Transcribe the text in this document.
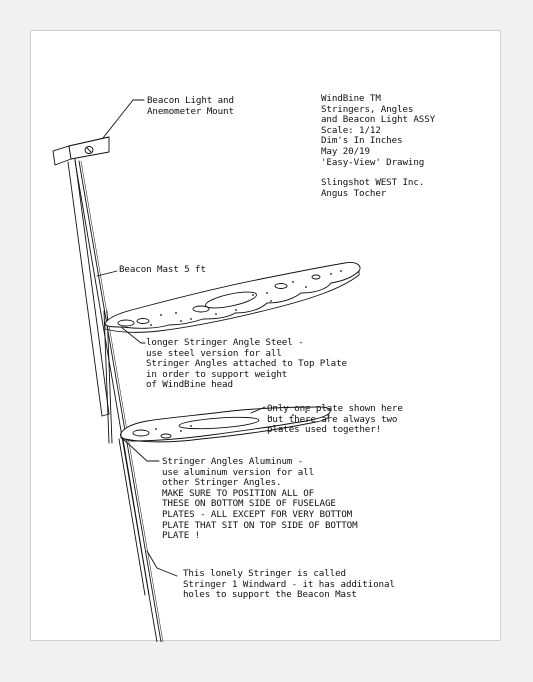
Beacon Light and
Anemometer Mount
WindBine TM
Stringers, Angles
and Beacon Light ASSY
Scale: 1/12
Dim's In Inches
May 20/19
'Easy-View' Drawing
Slingshot WEST Inc.
Angus Tocher
Beacon Mast 5 ft
longer Stringer Angle Steel -
use steel version for all
Stringer Angles attached to Top Plate
in order to support weight
of WindBine head
Only one plate shown here
but there are always two
plates used together!
Stringer Angles Aluminum -
use aluminum version for all
other Stringer Angles.
MAKE SURE TO POSITION ALL OF
THESE ON BOTTOM SIDE OF FUSELAGE
PLATES - ALL EXCEPT FOR VERY BOTTOM
PLATE THAT SIT ON TOP SIDE OF BOTTOM
PLATE !
This lonely Stringer is called
Stringer 1 Windward - it has additional
holes to support the Beacon Mast
